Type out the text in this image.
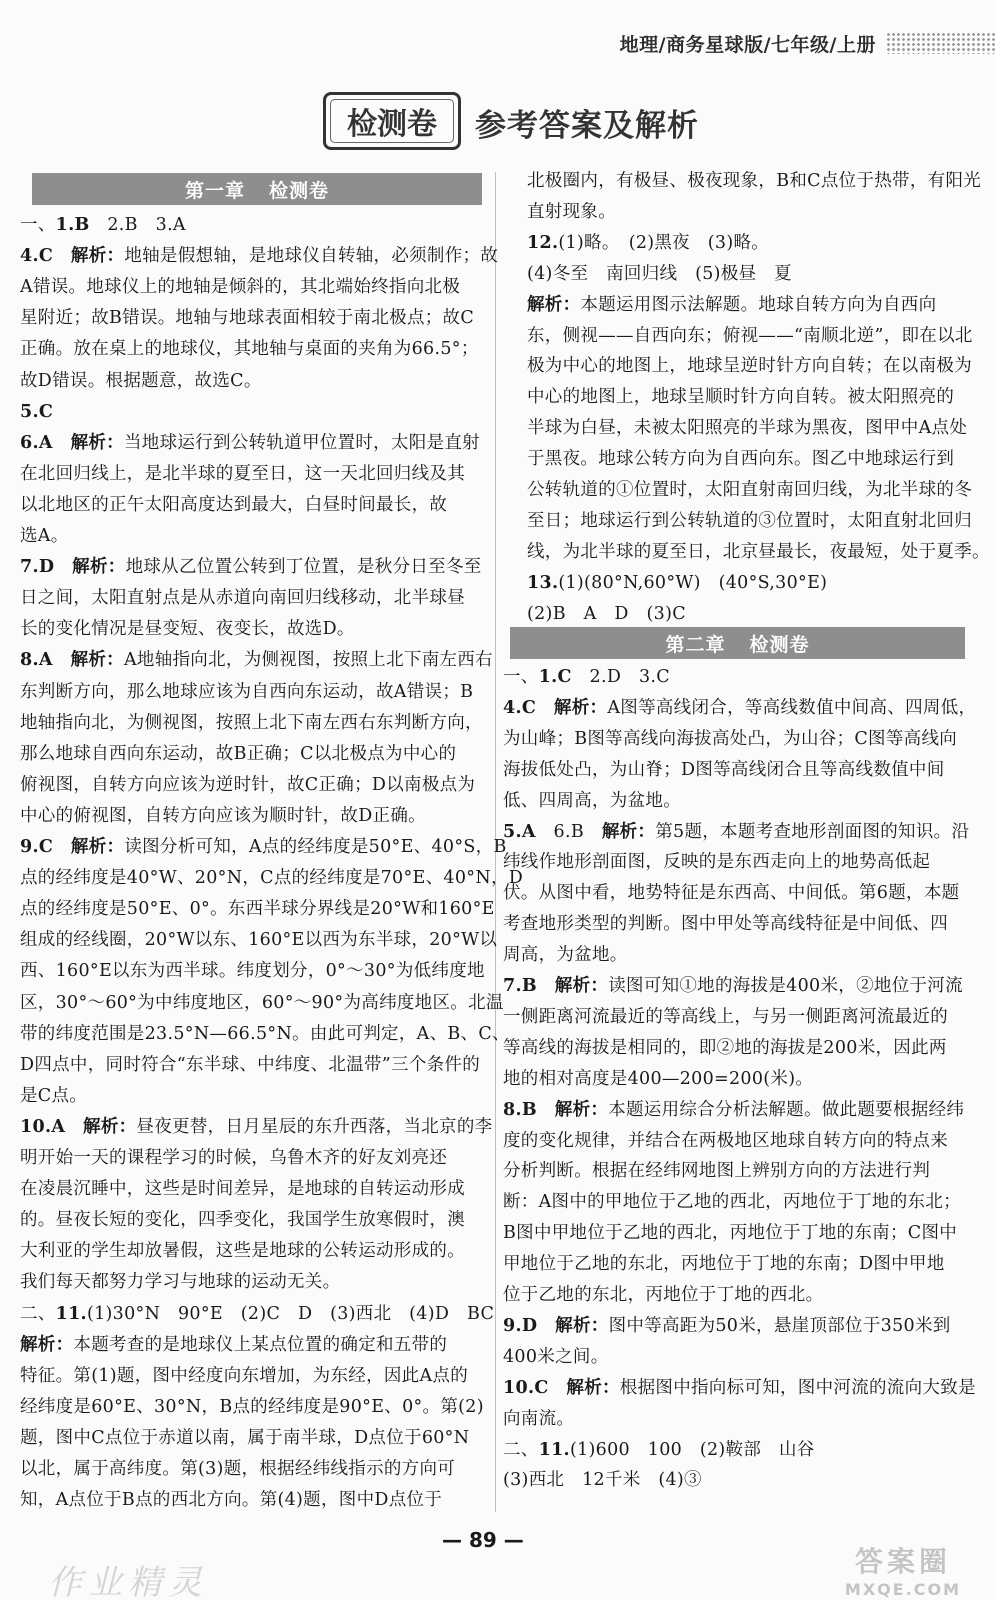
地理/商务星球版/七年级/上册
检测卷	参考答案及解析
第一章 检测卷
一、1.B　2.B　3.A
4.C　 解析：地轴是假想轴，是地球仪自转轴，必须制作；故
A错误。地球仪上的地轴是倾斜的，其北端始终指向北极
星附近；故B错误。地轴与地球表面相较于南北极点；故C
正确。放在桌上的地球仪，其地轴与桌面的夹角为66.5°；
故D错误。根据题意，故选C。
5.C
6.A　 解析：当地球运行到公转轨道甲位置时，太阳是直射
在北回归线上，是北半球的夏至日，这一天北回归线及其
以北地区的正午太阳高度达到最大，白昼时间最长，故
选A。
7.D　 解析：地球从乙位置公转到丁位置，是秋分日至冬至
日之间，太阳直射点是从赤道向南回归线移动，北半球昼
长的变化情况是昼变短、夜变长，故选D。
8.A　 解析：A地轴指向北，为侧视图，按照上北下南左西右
东判断方向，那么地球应该为自西向东运动，故A错误；B
地轴指向北，为侧视图，按照上北下南左西右东判断方向，
那么地球自西向东运动，故B正确；C以北极点为中心的
俯视图，自转方向应该为逆时针，故C正确；D以南极点为
中心的俯视图，自转方向应该为顺时针，故D正确。
9.C　 解析：读图分析可知，A点的经纬度是50°E、40°S，B
点的经纬度是40°W、20°N，C点的经纬度是70°E、40°N，D
点的经纬度是50°E、0°。东西半球分界线是20°W和160°E
组成的经线圈，20°W以东、160°E以西为东半球，20°W以
西、160°E以东为西半球。纬度划分，0°～30°为低纬度地
区，30°～60°为中纬度地区，60°～90°为高纬度地区。北温
带的纬度范围是23.5°N—66.5°N。由此可判定，A、B、C、
D四点中，同时符合“东半球、中纬度、北温带”三个条件的
是C点。
10.A　 解析：昼夜更替，日月星辰的东升西落，当北京的李
明开始一天的课程学习的时候，乌鲁木齐的好友刘亮还
在凌晨沉睡中，这些是时间差异，是地球的自转运动形成
的。昼夜长短的变化，四季变化，我国学生放寒假时，澳
大利亚的学生却放暑假，这些是地球的公转运动形成的。
我们每天都努力学习与地球的运动无关。
二、11.(1)30°N　90°E　(2)C　D　(3)西北　(4)D　BC
解析：本题考查的是地球仪上某点位置的确定和五带的
特征。第(1)题，图中经度向东增加，为东经，因此A点的
经纬度是60°E、30°N，B点的经纬度是90°E、0°。第(2)
题，图中C点位于赤道以南，属于南半球，D点位于60°N
以北，属于高纬度。第(3)题，根据经纬线指示的方向可
知，A点位于B点的西北方向。第(4)题，图中D点位于
第二章 检测卷
北极圈内，有极昼、极夜现象，B和C点位于热带，有阳光
直射现象。
12.(1)略。　(2)黑夜　(3)略。
(4)冬至　南回归线　(5)极昼　夏
解析：本题运用图示法解题。地球自转方向为自西向
东，侧视——自西向东；俯视——“南顺北逆”，即在以北
极为中心的地图上，地球呈逆时针方向自转；在以南极为
中心的地图上，地球呈顺时针方向自转。被太阳照亮的
半球为白昼，未被太阳照亮的半球为黑夜，图甲中A点处
于黑夜。地球公转方向为自西向东。图乙中地球运行到
公转轨道的①位置时，太阳直射南回归线，为北半球的冬
至日；地球运行到公转轨道的③位置时，太阳直射北回归
线，为北半球的夏至日，北京昼最长，夜最短，处于夏季。
13.(1)(80°N,60°W)　(40°S,30°E)
(2)B　A　D　(3)C
一、1.C　2.D　3.C
4.C　 解析：A图等高线闭合，等高线数值中间高、四周低，
为山峰；B图等高线向海拔高处凸，为山谷；C图等高线向
海拔低处凸，为山脊；D图等高线闭合且等高线数值中间
低、四周高，为盆地。
5.A　6.B　解析：第5题，本题考查地形剖面图的知识。沿
纬线作地形剖面图，反映的是东西走向上的地势高低起
伏。从图中看，地势特征是东西高、中间低。第6题，本题
考查地形类型的判断。图中甲处等高线特征是中间低、四
周高，为盆地。
7.B　 解析：读图可知①地的海拔是400米，②地位于河流
一侧距离河流最近的等高线上，与另一侧距离河流最近的
等高线的海拔是相同的，即②地的海拔是200米，因此两
地的相对高度是400—200=200(米)。
8.B　 解析：本题运用综合分析法解题。做此题要根据经纬
度的变化规律，并结合在两极地区地球自转方向的特点来
分析判断。根据在经纬网地图上辨别方向的方法进行判
断：A图中的甲地位于乙地的西北，丙地位于丁地的东北；
B图中甲地位于乙地的西北，丙地位于丁地的东南；C图中
甲地位于乙地的东北，丙地位于丁地的东南；D图中甲地
位于乙地的东北，丙地位于丁地的西北。
9.D　 解析：图中等高距为50米，悬崖顶部位于350米到
400米之间。
10.C　 解析：根据图中指向标可知，图中河流的流向大致是
向南流。
二、11.(1)600　100　(2)鞍部　山谷
(3)西北　12千米　(4)③
— 89 —
作业精灵
答案圈
MXQE.COM
